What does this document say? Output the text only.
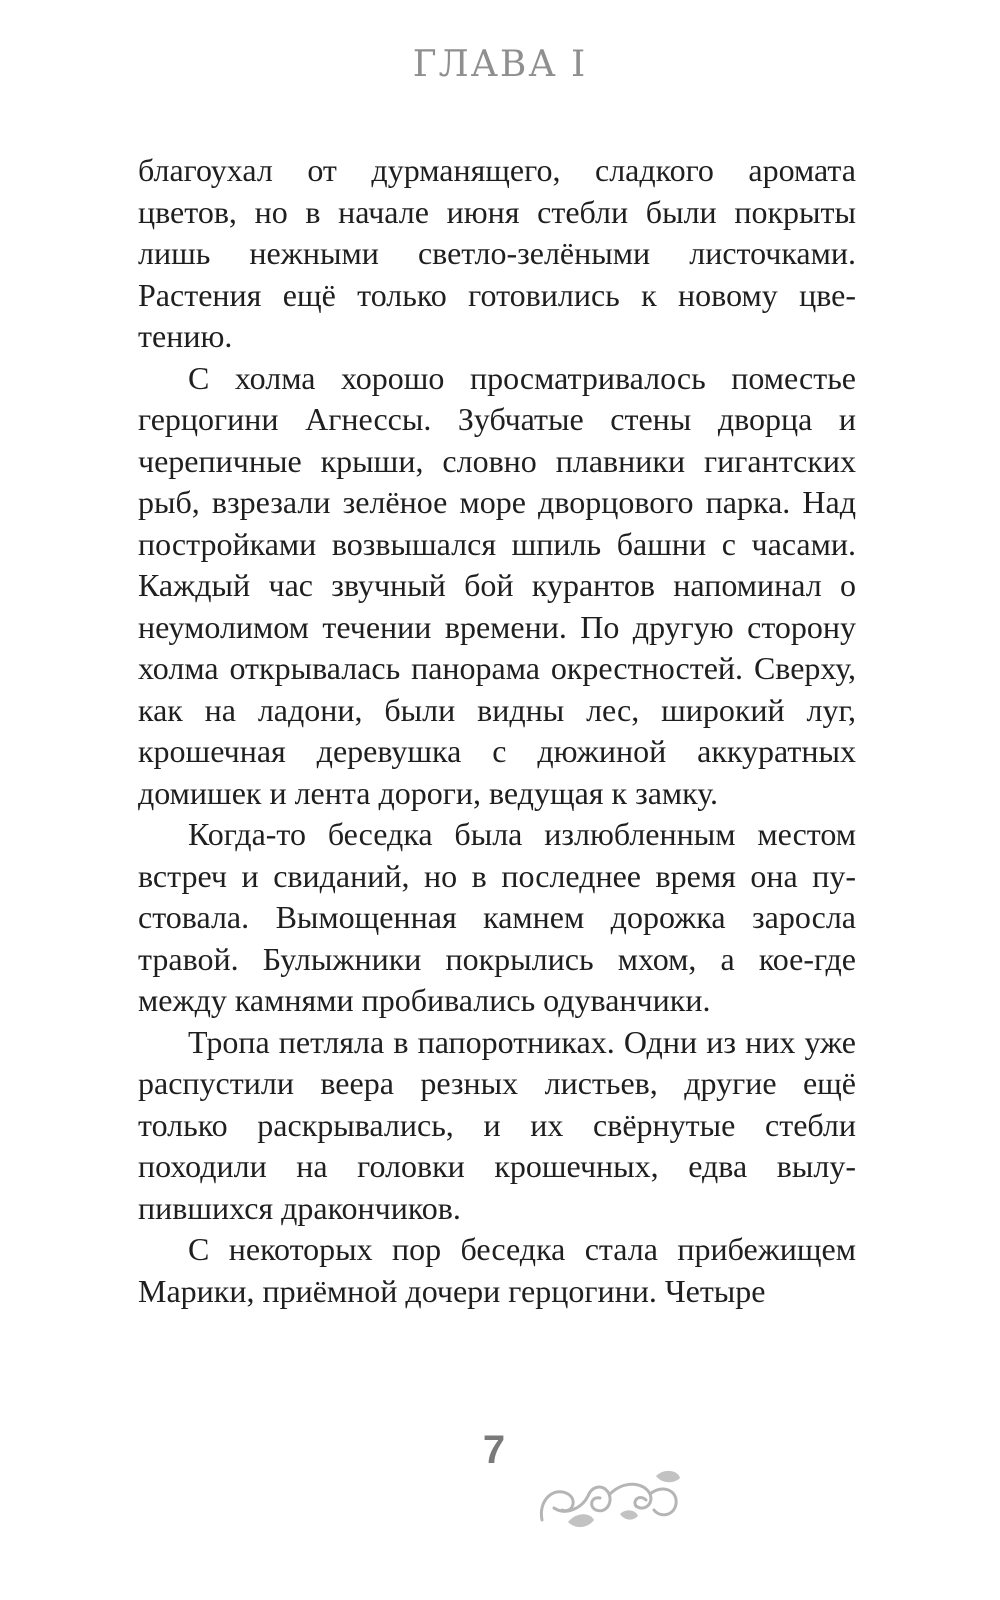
ГЛАВА I

благоухал от дурманящего, сладкого аромата цветов, но в начале июня стебли были покрыты лишь нежными светло-зелёными листочками. Растения ещё только готовились к новому цветению.

С холма хорошо просматривалось поместье герцогини Агнессы. Зубчатые стены дворца и черепичные крыши, словно плавники гигантских рыб, взрезали зелёное море дворцового парка. Над постройками возвышался шпиль башни с часами. Каждый час звучный бой курантов напоминал о неумолимом течении времени. По другую сторону холма открывалась панорама окрестностей. Сверху, как на ладони, были видны лес, широкий луг, крошечная деревушка с дюжиной аккуратных домишек и лента дороги, ведущая к замку.

Когда-то беседка была излюбленным местом встреч и свиданий, но в последнее время она пустовала. Вымощенная камнем дорожка заросла травой. Булыжники покрылись мхом, а кое-где между камнями пробивались одуванчики.

Тропа петляла в папоротниках. Одни из них уже распустили веера резных листьев, другие ещё только раскрывались, и их свёрнутые стебли походили на головки крошечных, едва вылупившихся дракончиков.

С некоторых пор беседка стала прибежищем Марики, приёмной дочери герцогини. Четыре

7
